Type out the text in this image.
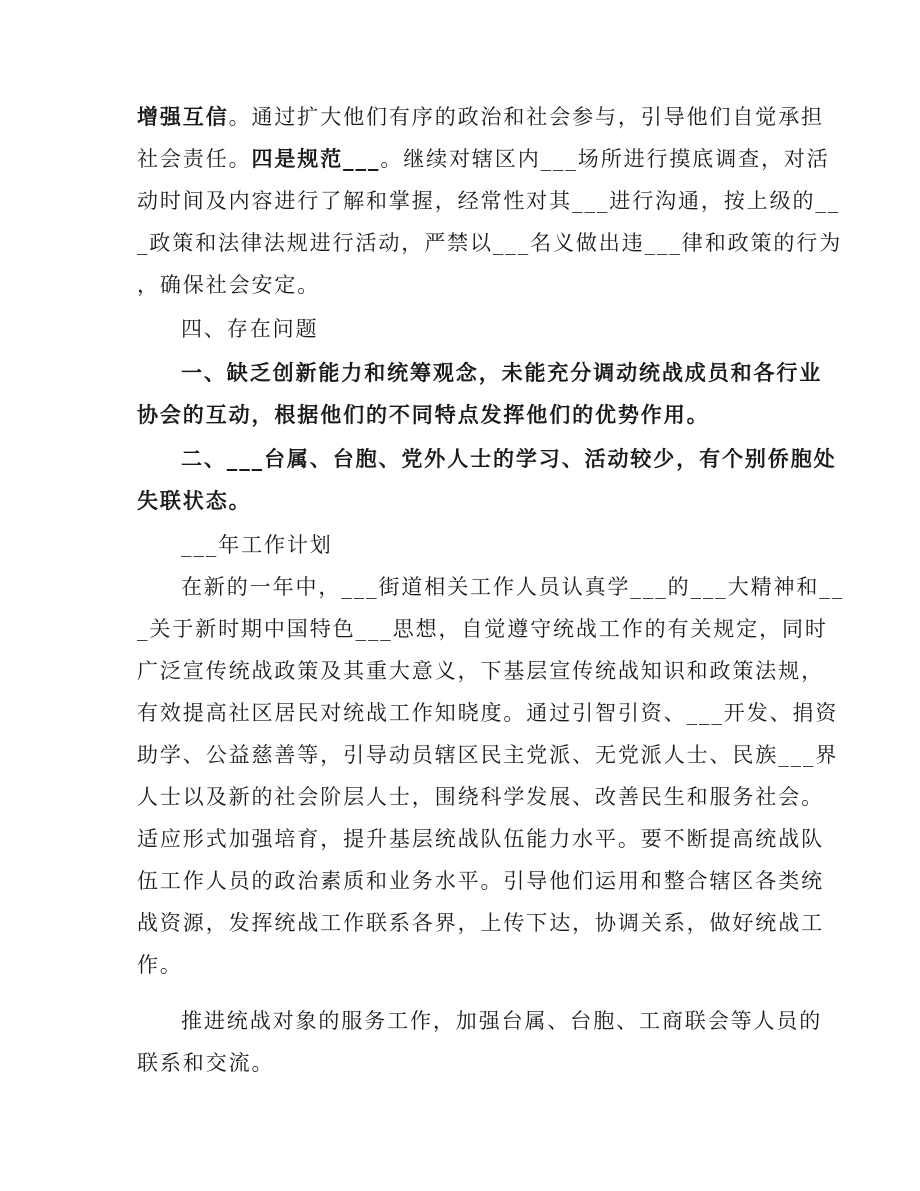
增强互信。通过扩大他们有序的政治和社会参与，引导他们自觉承担
社会责任。四是规范___。继续对辖区内___场所进行摸底调查，对活
动时间及内容进行了解和掌握，经常性对其___进行沟通，按上级的__
_政策和法律法规进行活动，严禁以___名义做出违___律和政策的行为
，确保社会安定。
四、存在问题
一、缺乏创新能力和统筹观念，未能充分调动统战成员和各行业
协会的互动，根据他们的不同特点发挥他们的优势作用。
二、___台属、台胞、党外人士的学习、活动较少，有个别侨胞处
失联状态。
___年工作计划
在新的一年中，___街道相关工作人员认真学___的___大精神和__
_关于新时期中国特色___思想，自觉遵守统战工作的有关规定，同时
广泛宣传统战政策及其重大意义，下基层宣传统战知识和政策法规，
有效提高社区居民对统战工作知晓度。通过引智引资、___开发、捐资
助学、公益慈善等，引导动员辖区民主党派、无党派人士、民族___界
人士以及新的社会阶层人士，围绕科学发展、改善民生和服务社会。
适应形式加强培育，提升基层统战队伍能力水平。要不断提高统战队
伍工作人员的政治素质和业务水平。引导他们运用和整合辖区各类统
战资源，发挥统战工作联系各界，上传下达，协调关系，做好统战工
作。
推进统战对象的服务工作，加强台属、台胞、工商联会等人员的
联系和交流。
